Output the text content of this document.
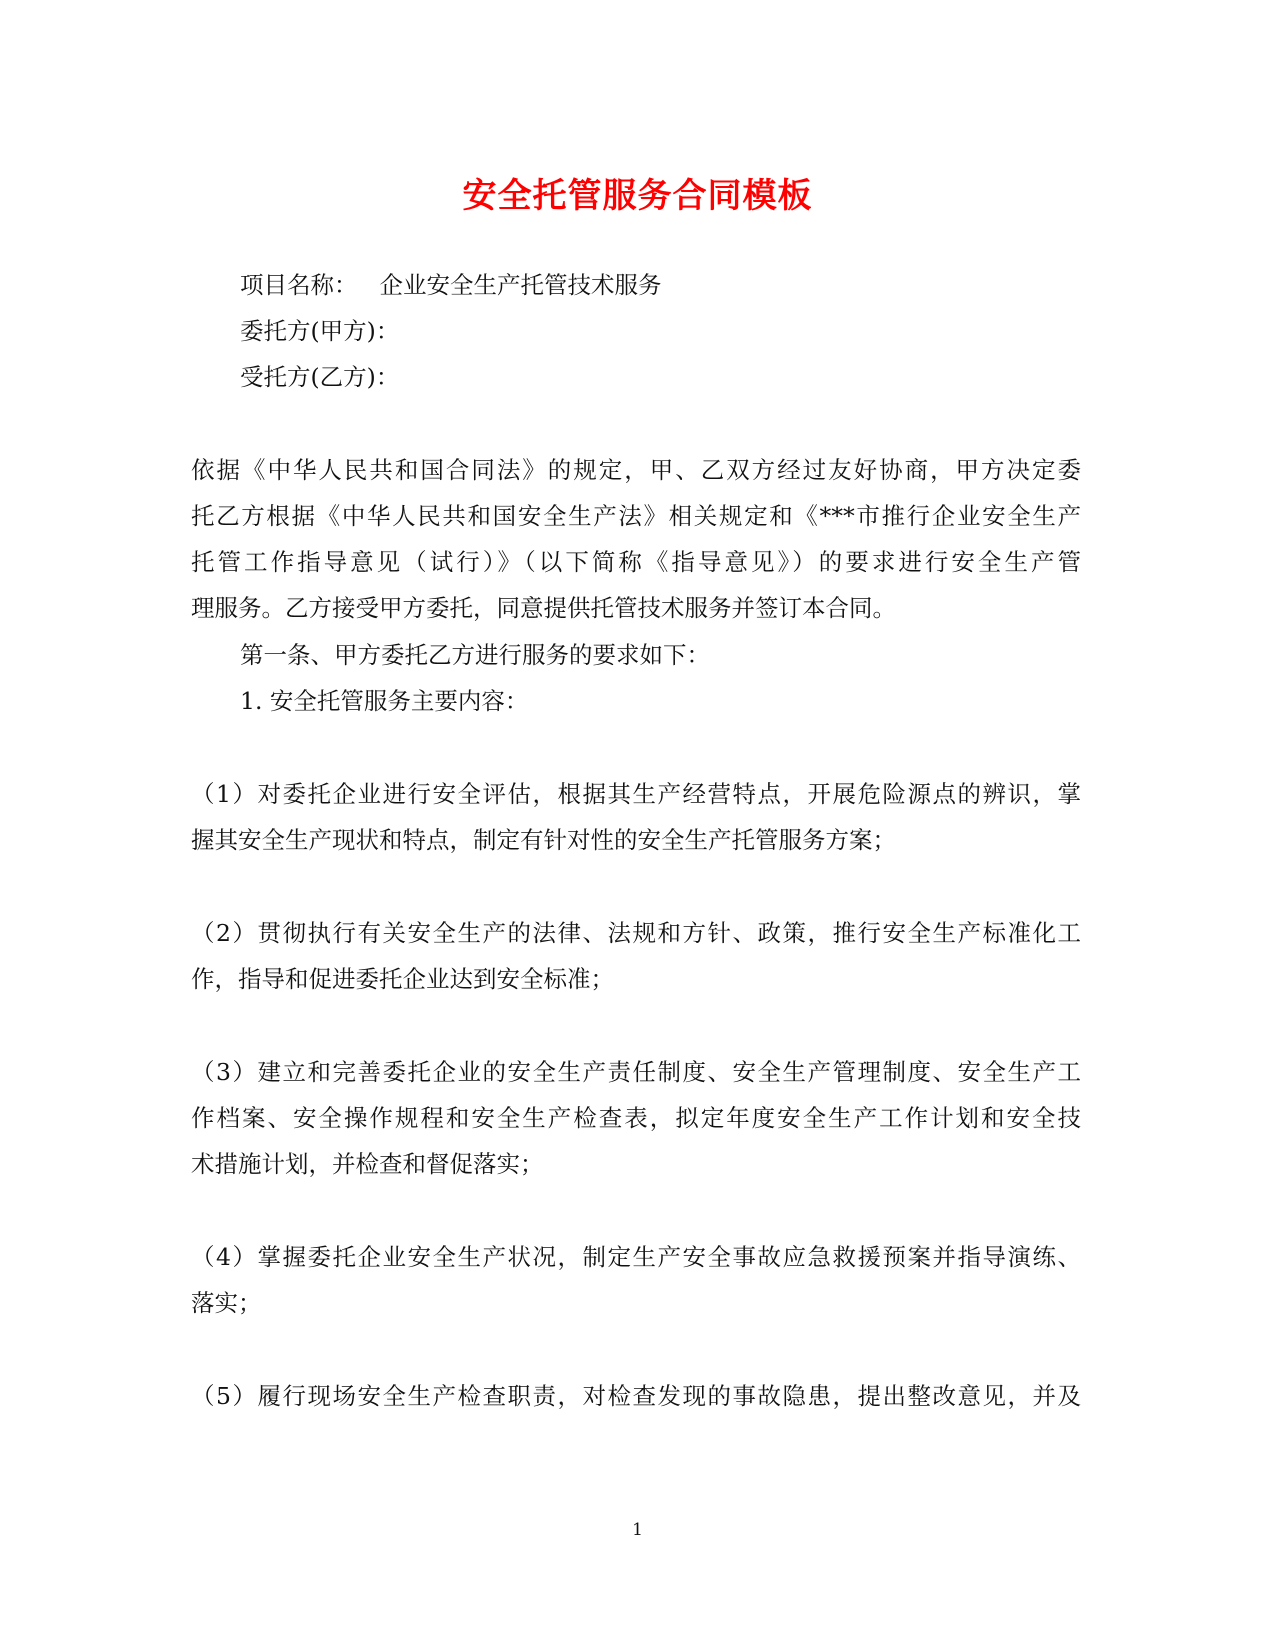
安全托管服务合同模板
项目名称： 企业安全生产托管技术服务
委托方(甲方)：
受托方(乙方)：
依据《中华人民共和国合同法》的规定，甲、乙双方经过友好协商，甲方决定委
托乙方根据《中华人民共和国安全生产法》相关规定和《***市推行企业安全生产
托管工作指导意见（试行）》（以下简称《指导意见》）的要求进行安全生产管
理服务。乙方接受甲方委托，同意提供托管技术服务并签订本合同。
第一条、甲方委托乙方进行服务的要求如下：
1. 安全托管服务主要内容：
（1）对委托企业进行安全评估，根据其生产经营特点，开展危险源点的辨识，掌
握其安全生产现状和特点，制定有针对性的安全生产托管服务方案；
（2）贯彻执行有关安全生产的法律、法规和方针、政策，推行安全生产标准化工
作，指导和促进委托企业达到安全标准；
（3）建立和完善委托企业的安全生产责任制度、安全生产管理制度、安全生产工
作档案、安全操作规程和安全生产检查表，拟定年度安全生产工作计划和安全技
术措施计划，并检查和督促落实；
（4）掌握委托企业安全生产状况，制定生产安全事故应急救援预案并指导演练、
落实；
（5）履行现场安全生产检查职责，对检查发现的事故隐患，提出整改意见，并及
1
